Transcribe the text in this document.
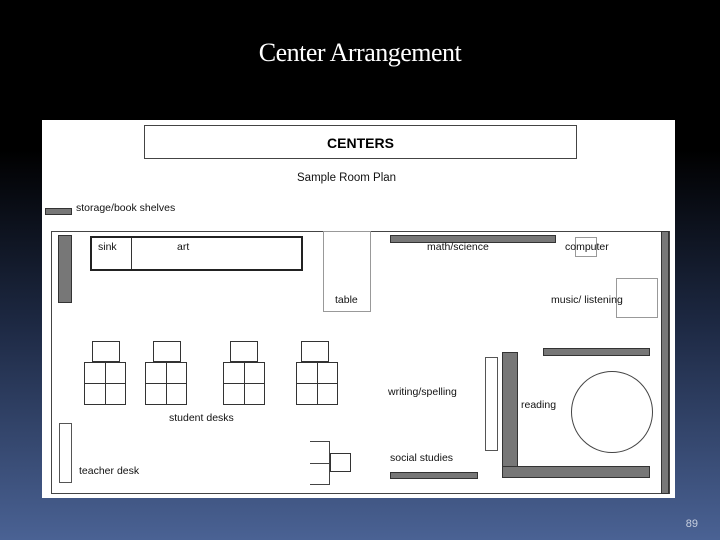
Center Arrangement
CENTERS
Sample Room Plan
storage/book shelves
sink	art
table
math/science	computer
music/ listening
student desks
writing/spelling
reading
social studies
teacher desk
89
